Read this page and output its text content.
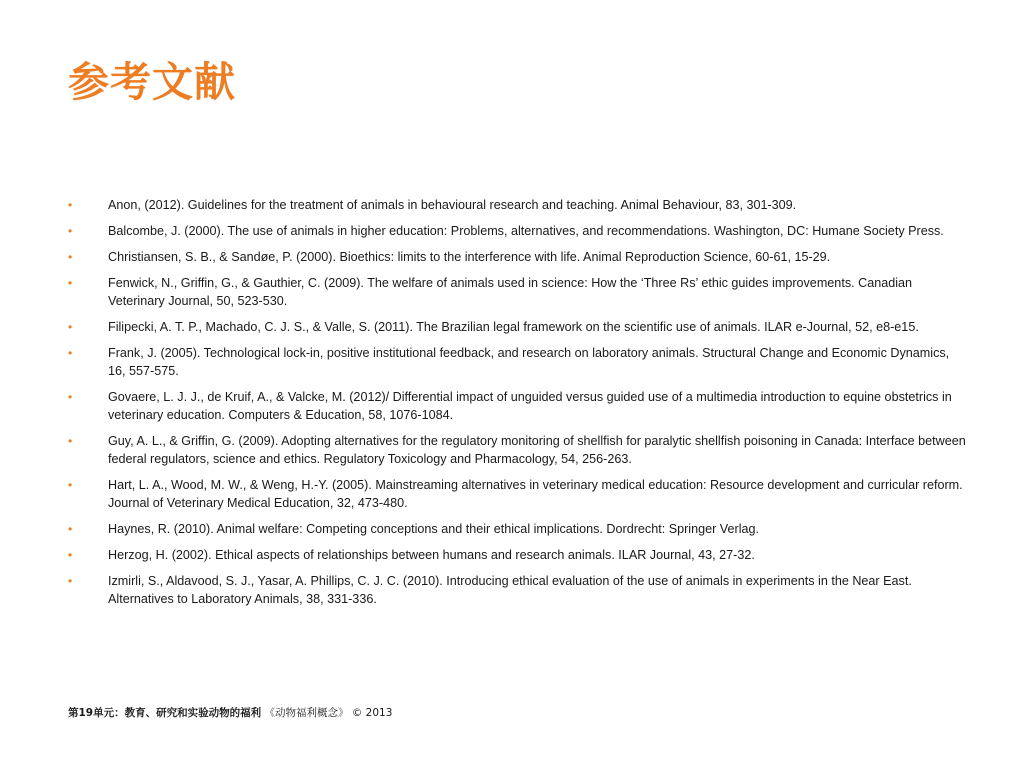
参考文献
•	Anon, (2012). Guidelines for the treatment of animals in behavioural research and teaching. Animal Behaviour, 83, 301-309.
•	Balcombe, J. (2000). The use of animals in higher education: Problems, alternatives, and recommendations. Washington, DC: Humane Society Press.
•	Christiansen, S. B., & Sandøe, P. (2000). Bioethics: limits to the interference with life. Animal Reproduction Science, 60-61, 15-29.
•	Fenwick, N., Griffin, G., & Gauthier, C. (2009). The welfare of animals used in science: How the ‘Three Rs’ ethic guides improvements. Canadian Veterinary Journal, 50, 523-530.
•	Filipecki, A. T. P., Machado, C. J. S., & Valle, S. (2011). The Brazilian legal framework on the scientific use of animals. ILAR e-Journal, 52, e8-e15.
•	Frank, J. (2005). Technological lock-in, positive institutional feedback, and research on laboratory animals. Structural Change and Economic Dynamics, 16, 557-575.
•	Govaere, L. J. J., de Kruif, A., & Valcke, M. (2012)/ Differential impact of unguided versus guided use of a multimedia introduction to equine obstetrics in veterinary education. Computers & Education, 58, 1076-1084.
•	Guy, A. L., & Griffin, G. (2009). Adopting alternatives for the regulatory monitoring of shellfish for paralytic shellfish poisoning in Canada: Interface between federal regulators, science and ethics. Regulatory Toxicology and Pharmacology, 54, 256-263.
•	Hart, L. A., Wood, M. W., & Weng, H.-Y. (2005). Mainstreaming alternatives in veterinary medical education: Resource development and curricular reform. Journal of Veterinary Medical Education, 32, 473-480.
•	Haynes, R. (2010). Animal welfare: Competing conceptions and their ethical implications. Dordrecht: Springer Verlag.
•	Herzog, H. (2002). Ethical aspects of relationships between humans and research animals. ILAR Journal, 43, 27-32.
•	Izmirli, S., Aldavood, S. J., Yasar, A. Phillips, C. J. C. (2010). Introducing ethical evaluation of the use of animals in experiments in the Near East. Alternatives to Laboratory Animals, 38, 331-336.
第19单元：教育、研究和实验动物的福利 《动物福利概念》 © 2013
